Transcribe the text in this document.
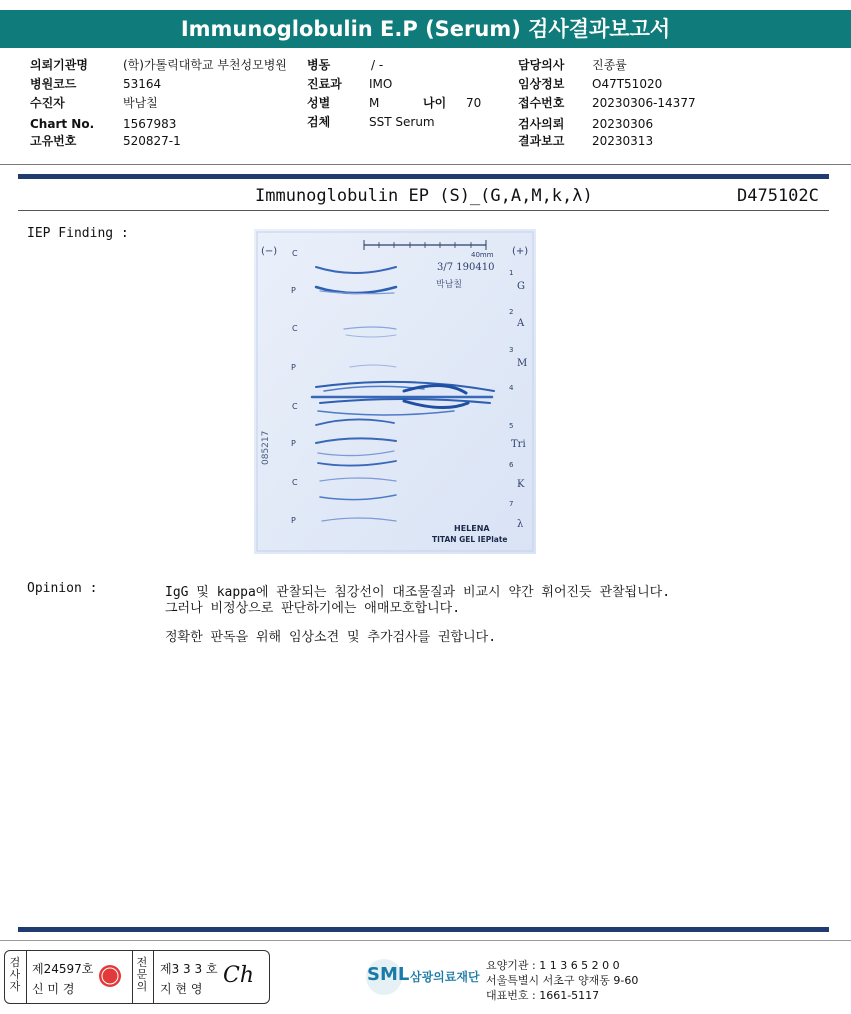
Immunoglobulin E.P (Serum) 검사결과보고서
의뢰기관명	(학)가톨릭대학교 부천성모병원
병원코드	53164
수진자	박남칠
Chart No. 1567983
고유번호	520827-1
병동	/ -
진료과 IMO
성별	M	나이 70
검체	SST Serum
담당의사 진종률
임상정보 O47T51020
접수번호 20230306-14377
검사의뢰 20230306
결과보고 20230313
Immunoglobulin EP (S)_(G,A,M,k,λ)	D475102C
IEP Finding :
40mm
3/7 190410
박남칠
(−)	(+)
C
P
C
P
C
P
C
P
1
2
3
4
5
6
7
G
A
M
Tri
K
λ
085217
HELENA
TITAN GEL IEPlate
Opinion :	IgG 및 kappa에 관찰되는 침강선이 대조물질과 비교시 약간 휘어진듯 관찰됩니다.
그러나 비정상으로 판단하기에는 애매모호합니다.
정확한 판독을 위해 임상소견 및 추가검사를 권합니다.
검
사
자
제24597호
신 미 경
전
문
의
제3 3 3 호
지 현 영
Ch	SML 삼광의료재단
요양기관 : 1 1 3 6 5 2 0 0
서울특별시 서초구 양재동 9-60
대표번호 : 1661-5117
